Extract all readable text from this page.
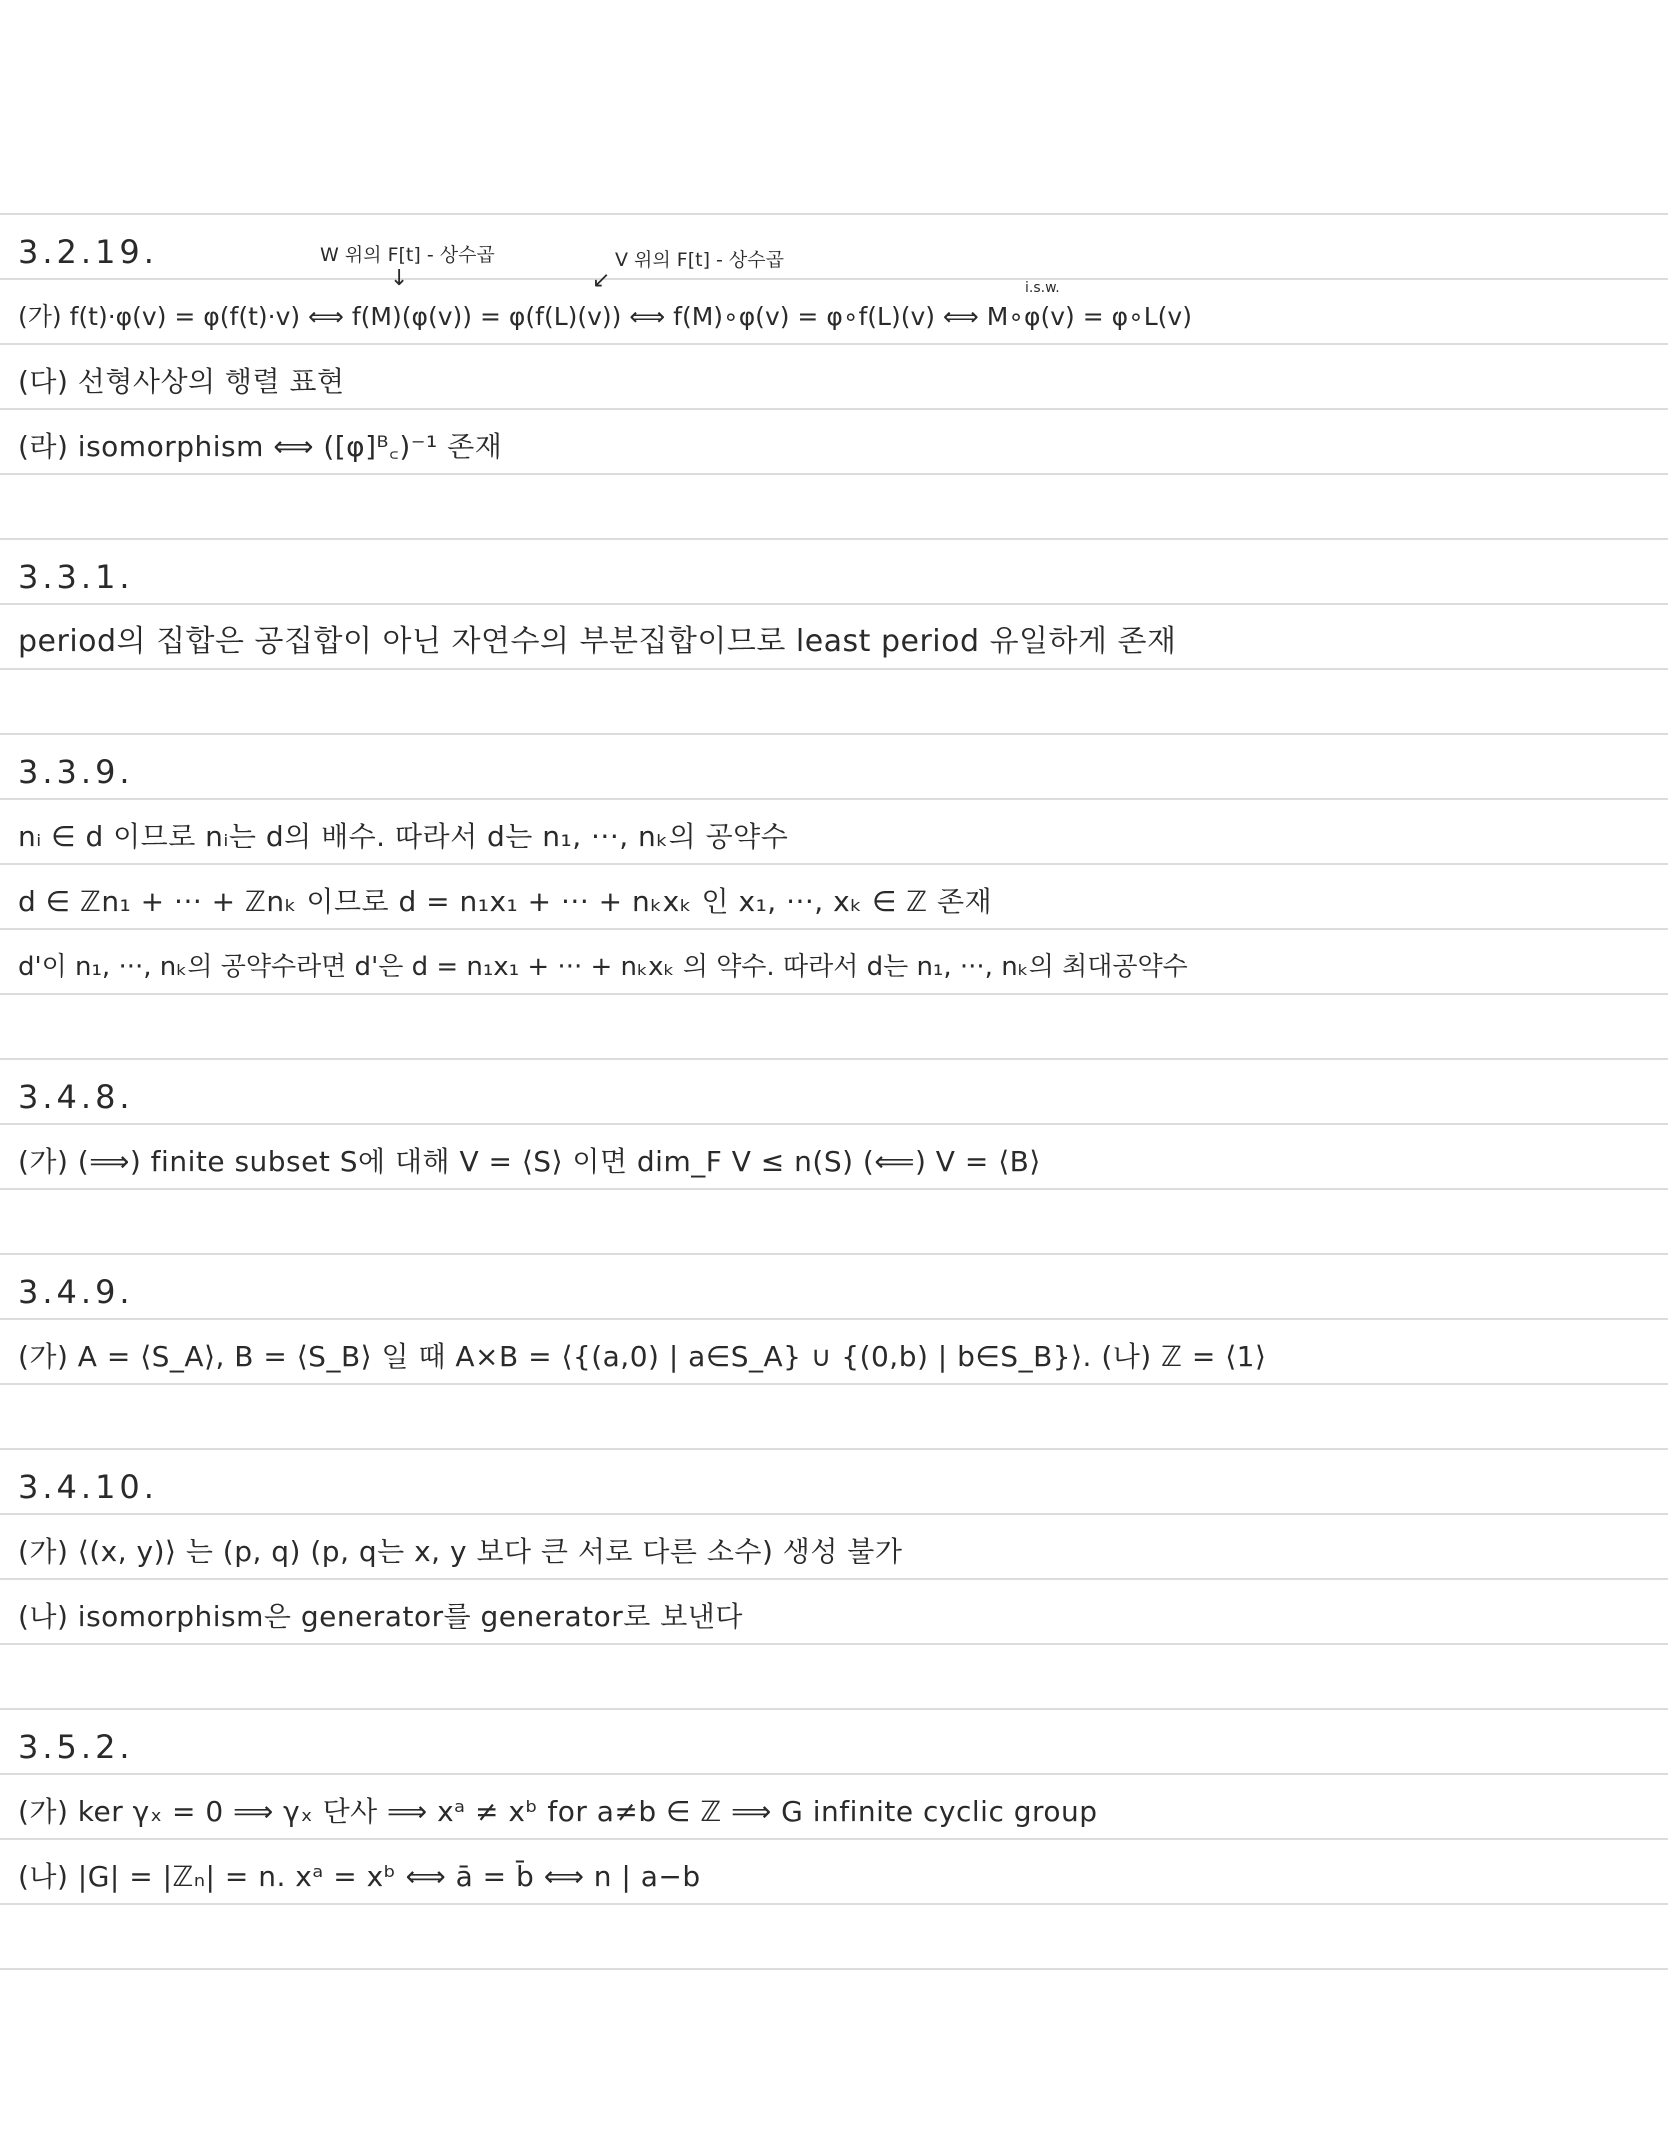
3.2.19.	W 위의 F[t] - 상수곱	V 위의 F[t] - 상수곱
↓	↙	i.s.w.
(가) f(t)·φ(v) = φ(f(t)·v) ⟺ f(M)(φ(v)) = φ(f(L)(v)) ⟺ f(M)∘φ(v) = φ∘f(L)(v) ⟺ M∘φ(v) = φ∘L(v)
(다) 선형사상의 행렬 표현
(라) isomorphism ⟺ ([φ]ᴮ꜀)⁻¹ 존재
3.3.1.
period의 집합은 공집합이 아닌 자연수의 부분집합이므로 least period 유일하게 존재
3.3.9.
nᵢ ∈ d 이므로 nᵢ는 d의 배수. 따라서 d는 n₁, ···, nₖ의 공약수
d ∈ ℤn₁ + ··· + ℤnₖ 이므로 d = n₁x₁ + ··· + nₖxₖ 인 x₁, ···, xₖ ∈ ℤ 존재
d'이 n₁, ···, nₖ의 공약수라면 d'은 d = n₁x₁ + ··· + nₖxₖ 의 약수. 따라서 d는 n₁, ···, nₖ의 최대공약수
3.4.8.
(가) (⟹) finite subset S에 대해 V = ⟨S⟩ 이면 dim_F V ≤ n(S) (⟸) V = ⟨B⟩
3.4.9.
(가) A = ⟨S_A⟩, B = ⟨S_B⟩ 일 때 A×B = ⟨{(a,0) | a∈S_A} ∪ {(0,b) | b∈S_B}⟩. (나) ℤ = ⟨1⟩
3.4.10.
(가) ⟨(x, y)⟩ 는 (p, q) (p, q는 x, y 보다 큰 서로 다른 소수) 생성 불가
(나) isomorphism은 generator를 generator로 보낸다
3.5.2.
(가) ker γₓ = 0 ⟹ γₓ 단사 ⟹ xᵃ ≠ xᵇ for a≠b ∈ ℤ ⟹ G infinite cyclic group
(나) |G| = |ℤₙ| = n. xᵃ = xᵇ ⟺ ā = b̄ ⟺ n | a−b
